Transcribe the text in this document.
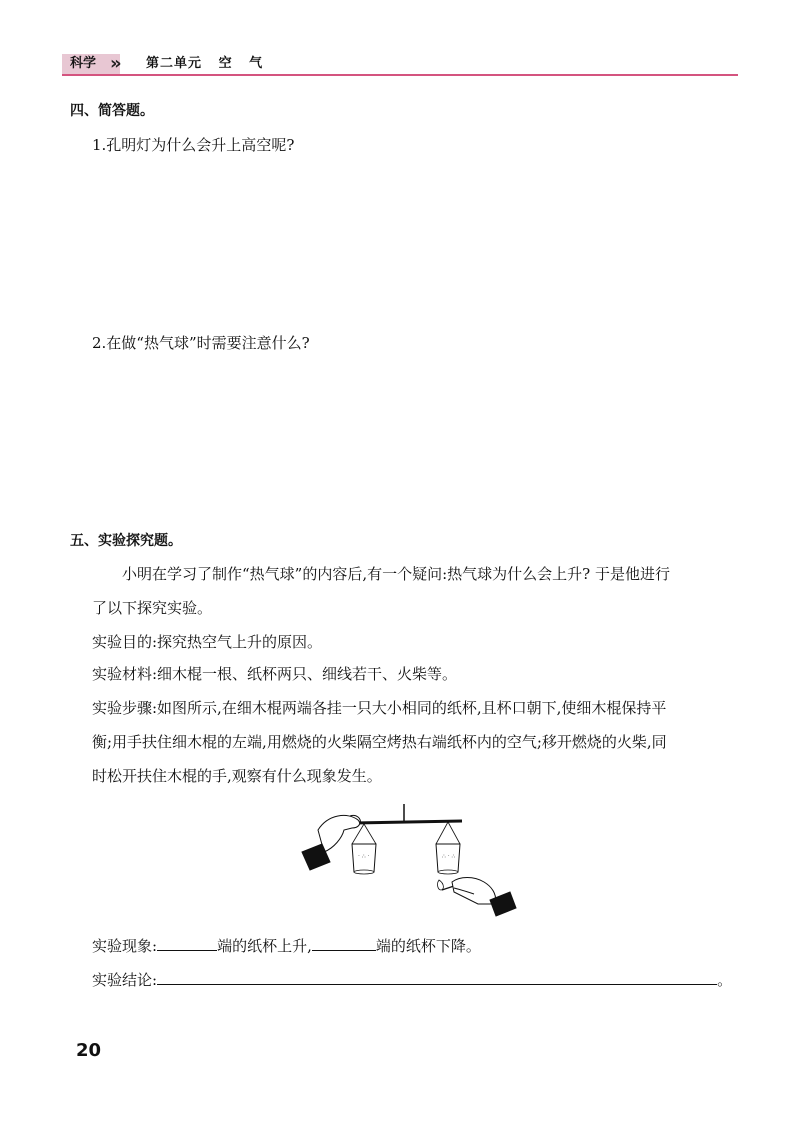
科学 » 第二单元   空   气
四、简答题。
1.孔明灯为什么会升上高空呢?
2.在做“热气球”时需要注意什么?
五、实验探究题。
小明在学习了制作“热气球”的内容后,有一个疑问:热气球为什么会上升? 于是他进行
了以下探究实验。
实验目的:探究热空气上升的原因。
实验材料:细木棍一根、纸杯两只、细线若干、火柴等。
实验步骤:如图所示,在细木棍两端各挂一只大小相同的纸杯,且杯口朝下,使细木棍保持平
衡;用手扶住细木棍的左端,用燃烧的火柴隔空烤热右端纸杯内的空气;移开燃烧的火柴,同
时松开扶住木棍的手,观察有什么现象发生。
· ∴ ·	∴ · ∴
实验现象:	端的纸杯上升,	端的纸杯下降。
实验结论:	。
20
